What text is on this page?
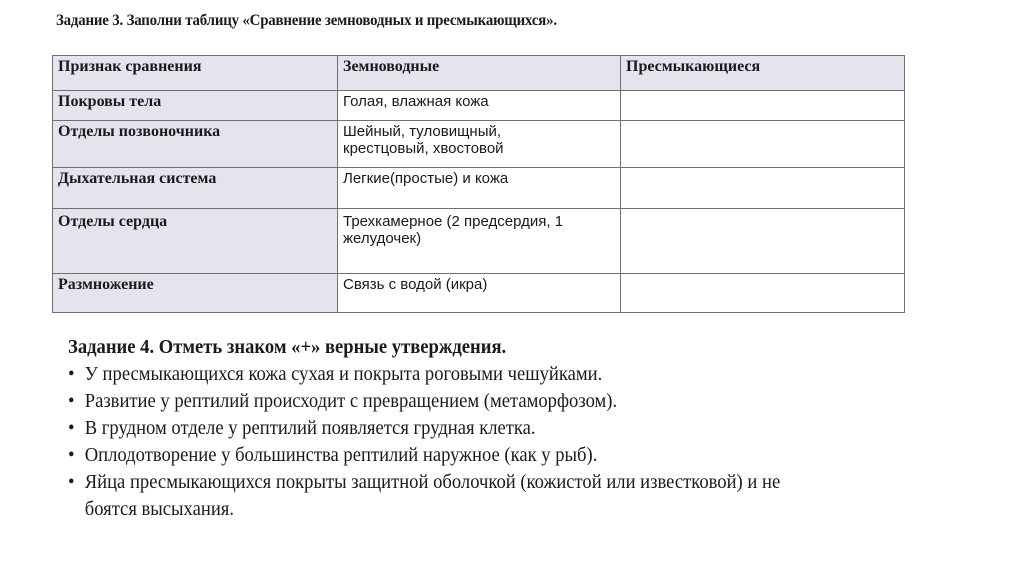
Задание 3. Заполни таблицу «Сравнение земноводных и пресмыкающихся».
Признак сравнения	Земноводные	Пресмыкающиеся
Покровы тела	Голая, влажная кожа	
Отделы позвоночника	Шейный, туловищный, крестцовый, хвостовой	

Дыхательная система	Легкие(простые) и кожа	
Отделы сердца	Трехкамерное (2 предсердия, 1 желудочек)	

Размножение	Связь с водой (икра)	
Задание 4. Отметь знаком «+» верные утверждения.
• У пресмыкающихся кожа сухая и покрыта роговыми чешуйками.
• Развитие у рептилий происходит с превращением (метаморфозом).
• В грудном отделе у рептилий появляется грудная клетка.
• Оплодотворение у большинства рептилий наружное (как у рыб).
• Яйца пресмыкающихся покрыты защитной оболочкой (кожистой или известковой) и не боятся высыхания.
